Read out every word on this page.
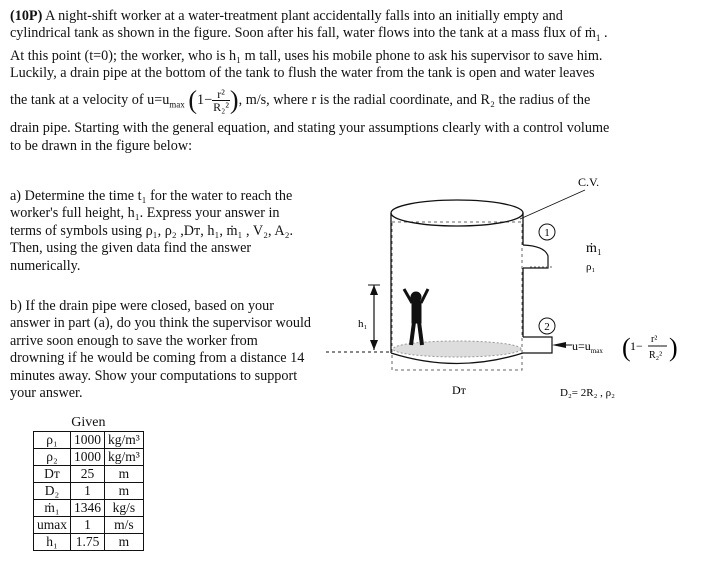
(10P) A night-shift worker at a water-treatment plant accidentally falls into an initially empty and
cylindrical tank as shown in the figure. Soon after his fall, water flows into the tank at a mass flux of ṁ$_1$ .
At this point (t=0); the worker, who is h₁ m tall, uses his mobile phone to ask his supervisor to save him.
Luckily, a drain pipe at the bottom of the tank to flush the water from the tank is open and water leaves
the tank at a velocity of $u=u_{max}$ ($1- \frac{\text{r²}}{\text{R₂²}}$ ), m/s, where r is the radial coordinate, and R₂ the radius of the
drain pipe. Starting with the general equation, and stating your assumptions clearly with a control volume
to be drawn in the figure below:
a) Determine the time t₁ for the water to reach the
worker's full height, h₁. Express your answer in
terms of symbols using ρ₁, ρ₂ ,Dᴛ, h₁, ṁ₁ , V₂, A₂.
Then, using the given data find the answer
numerically.
b) If the drain pipe were closed, based on your
answer in part (a), do you think the supervisor would
arrive soon enough to save the worker from
drowning if he would be coming from a distance 14
minutes away. Show your computations to support
your answer.
Given		
ρ₁	1000	kg/m³
ρ₂	1000	kg/m³
Dᴛ	25	m
D₂	1	m
ṁ₁	1346	kg/s
umax	1	m/s
h₁	1.75	m
1
2
C.V.
ṁ₁
ρ₁
h₁
Dᴛ
$u=u_{max}$ ( 1− r²
R₂² )
D₂= 2R₂ , ρ₂
